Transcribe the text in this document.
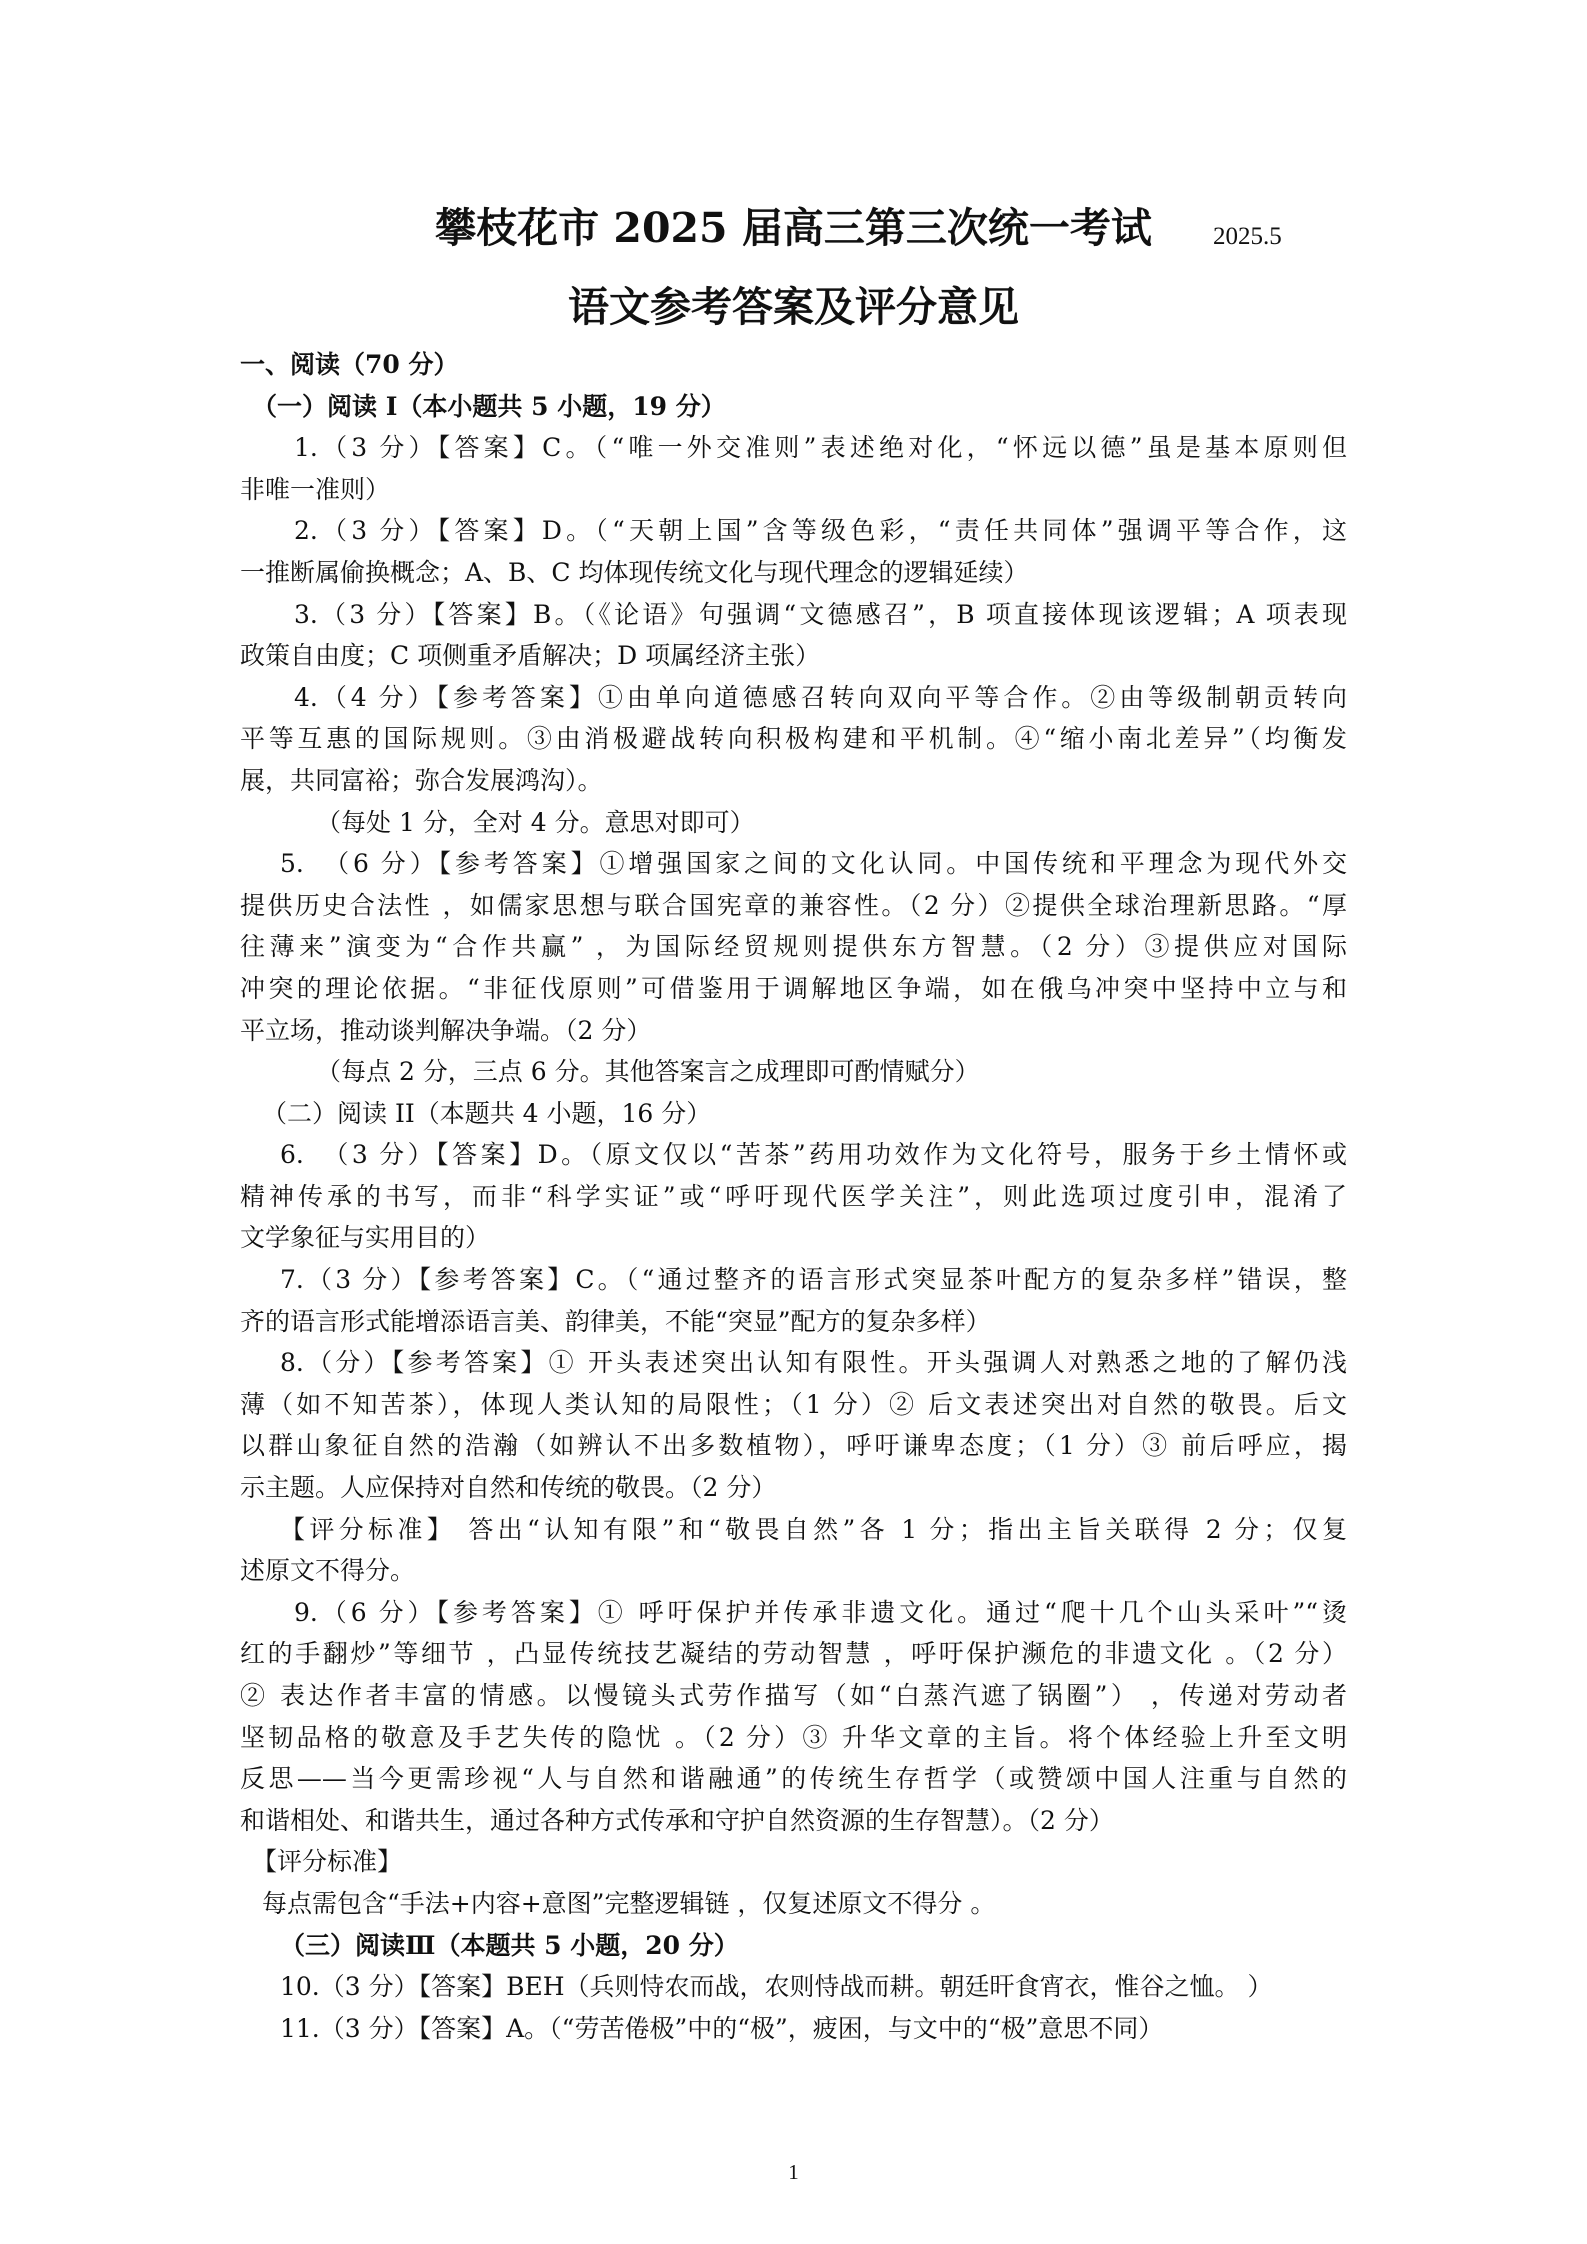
攀枝花市 2025 届高三第三次统一考试	2025.5
语文参考答案及评分意见
一、阅读（70 分）
（一）阅读 I（本小题共 5 小题，19 分）
1.（3 分）【答案】C。（“唯一外交准则”表述绝对化，“怀远以德”虽是基本原则但
非唯一准则）
2.（3 分）【答案】D。（“天朝上国”含等级色彩，“责任共同体”强调平等合作，这
一推断属偷换概念；A、B、C 均体现传统文化与现代理念的逻辑延续）
3.（3 分）【答案】B。（《论语》句强调“文德感召”，B 项直接体现该逻辑；A 项表现
政策自由度；C 项侧重矛盾解决；D 项属经济主张）
4.（4 分）【参考答案】①由单向道德感召转向双向平等合作。②由等级制朝贡转向
平等互惠的国际规则。③由消极避战转向积极构建和平机制。④“缩小南北差异”（均衡发
展，共同富裕；弥合发展鸿沟）。
（每处 1 分，全对 4 分。意思对即可）
5.　（6 分）【参考答案】①增强国家之间的文化认同。中国传统和平理念为现代外交
提供历史合法性 ，如儒家思想与联合国宪章的兼容性。（2 分）②提供全球治理新思路。“厚
往薄来”演变为“合作共赢” ，为国际经贸规则提供东方智慧。（2 分）③提供应对国际
冲突的理论依据。“非征伐原则”可借鉴用于调解地区争端，如在俄乌冲突中坚持中立与和
平立场，推动谈判解决争端。（2 分）
（每点 2 分，三点 6 分。其他答案言之成理即可酌情赋分）
（二）阅读 II（本题共 4 小题，16 分）
6.　（3 分）【答案】D。（原文仅以“苦茶”药用功效作为文化符号，服务于乡土情怀或
精神传承的书写，而非“科学实证”或“呼吁现代医学关注”，则此选项过度引申，混淆了
文学象征与实用目的）
7.（3 分）【参考答案】C。（“通过整齐的语言形式突显茶叶配方的复杂多样”错误，整
齐的语言形式能增添语言美、韵律美，不能“突显”配方的复杂多样）
8.（分）【参考答案】① 开头表述突出认知有限性。开头强调人对熟悉之地的了解仍浅
薄（如不知苦茶），体现人类认知的局限性；（1 分）② 后文表述突出对自然的敬畏。后文
以群山象征自然的浩瀚（如辨认不出多数植物），呼吁谦卑态度；（1 分）③ 前后呼应，揭
示主题。人应保持对自然和传统的敬畏。（2 分）
【评分标准】 答出“认知有限”和“敬畏自然”各 1 分；指出主旨关联得 2 分；仅复
述原文不得分。
9.（6 分）【参考答案】① 呼吁保护并传承非遗文化。通过“爬十几个山头采叶”“烫
红的手翻炒”等细节 ，凸显传统技艺凝结的劳动智慧 ，呼吁保护濒危的非遗文化 。（2 分）
② 表达作者丰富的情感。以慢镜头式劳作描写（如“白蒸汽遮了锅圈”） ，传递对劳动者
坚韧品格的敬意及手艺失传的隐忧 。（2 分）③ 升华文章的主旨。将个体经验上升至文明
反思——当今更需珍视“人与自然和谐融通”的传统生存哲学（或赞颂中国人注重与自然的
和谐相处、和谐共生，通过各种方式传承和守护自然资源的生存智慧）。（2 分）
【评分标准】
每点需包含“手法+内容+意图”完整逻辑链 ，仅复述原文不得分 。
（三）阅读Ⅲ（本题共 5 小题，20 分）
10.（3 分）【答案】BEH（兵则恃农而战，农则恃战而耕。朝廷旰食宵衣，惟谷之恤。 ）
11.（3 分）【答案】A。（“劳苦倦极”中的“极”，疲困，与文中的“极”意思不同）
1
